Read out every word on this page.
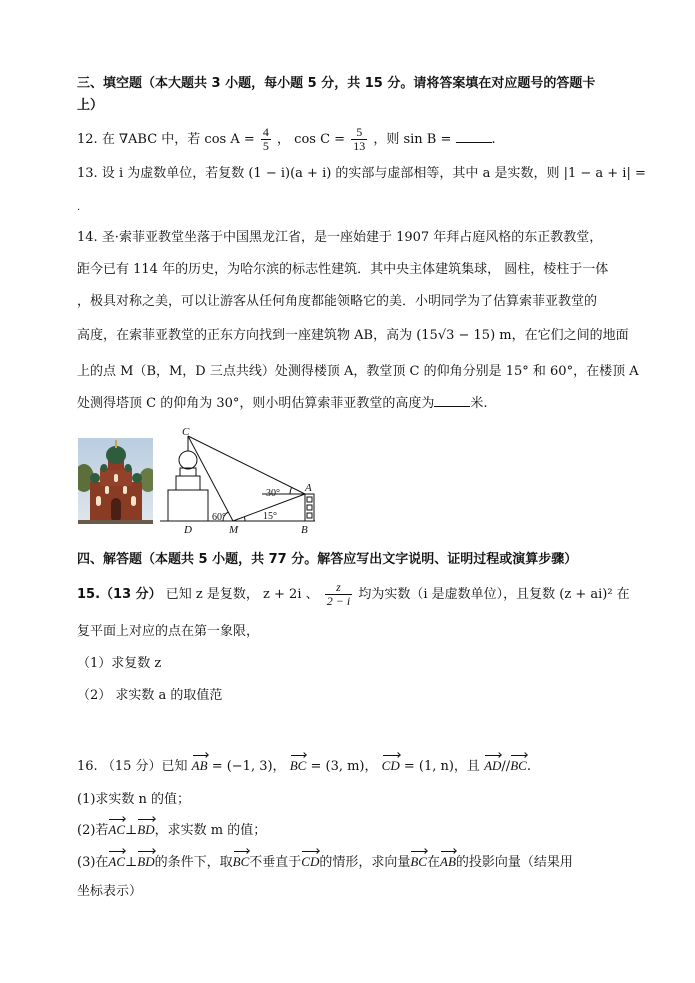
三、填空题（本大题共 3 小题，每小题 5 分，共 15 分。请将答案填在对应题号的答题卡
上）
12. 在 ∇ABC 中，若 $\cos A = \frac{4}{5}$ ， $\cos C = \frac{5}{13}$ ，则 sin B =	.
13. 设 i 为虚数单位，若复数 (1 − i)(a + i) 的实部与虚部相等，其中 a 是实数，则 |1 − a + i| =
.
14. 圣·索菲亚教堂坐落于中国黑龙江省，是一座始建于 1907 年拜占庭风格的东正教教堂，
距今已有 114 年的历史，为哈尔滨的标志性建筑．其中央主体建筑集球， 圆柱，棱柱于一体
，极具对称之美，可以让游客从任何角度都能领略它的美．小明同学为了估算索菲亚教堂的
高度，在索菲亚教堂的正东方向找到一座建筑物 AB，高为 (15√3 − 15) m，在它们之间的地面
上的点 M（B，M，D 三点共线）处测得楼顶 A，教堂顶 C 的仰角分别是 15° 和 60°，在楼顶 A
处测得塔顶 C 的仰角为 30°，则小明估算索菲亚教堂的高度为	米.
C
A
D	M	B
30°
60°	15°
四、解答题（本题共 5 小题，共 77 分。解答应写出文字说明、证明过程或演算步骤）
15.（13 分） 已知 z 是复数， z + 2i 、 $\frac{z}{2 - i}$ 均为实数（i 是虚数单位），且复数 (z + ai)² 在
复平面上对应的点在第一象限，
（1）求复数 z
（2） 求实数 a 的取值范
16. （15 分）已知 AB = (−1, 3)， BC = (3, m)， CD = (1, n)，且 AD//BC.
(1)求实数 n 的值；
(2)若AC⊥BD，求实数 m 的值；
(3)在AC⊥BD的条件下，取BC不垂直于CD的情形，求向量BC在AB的投影向量（结果用
坐标表示）
